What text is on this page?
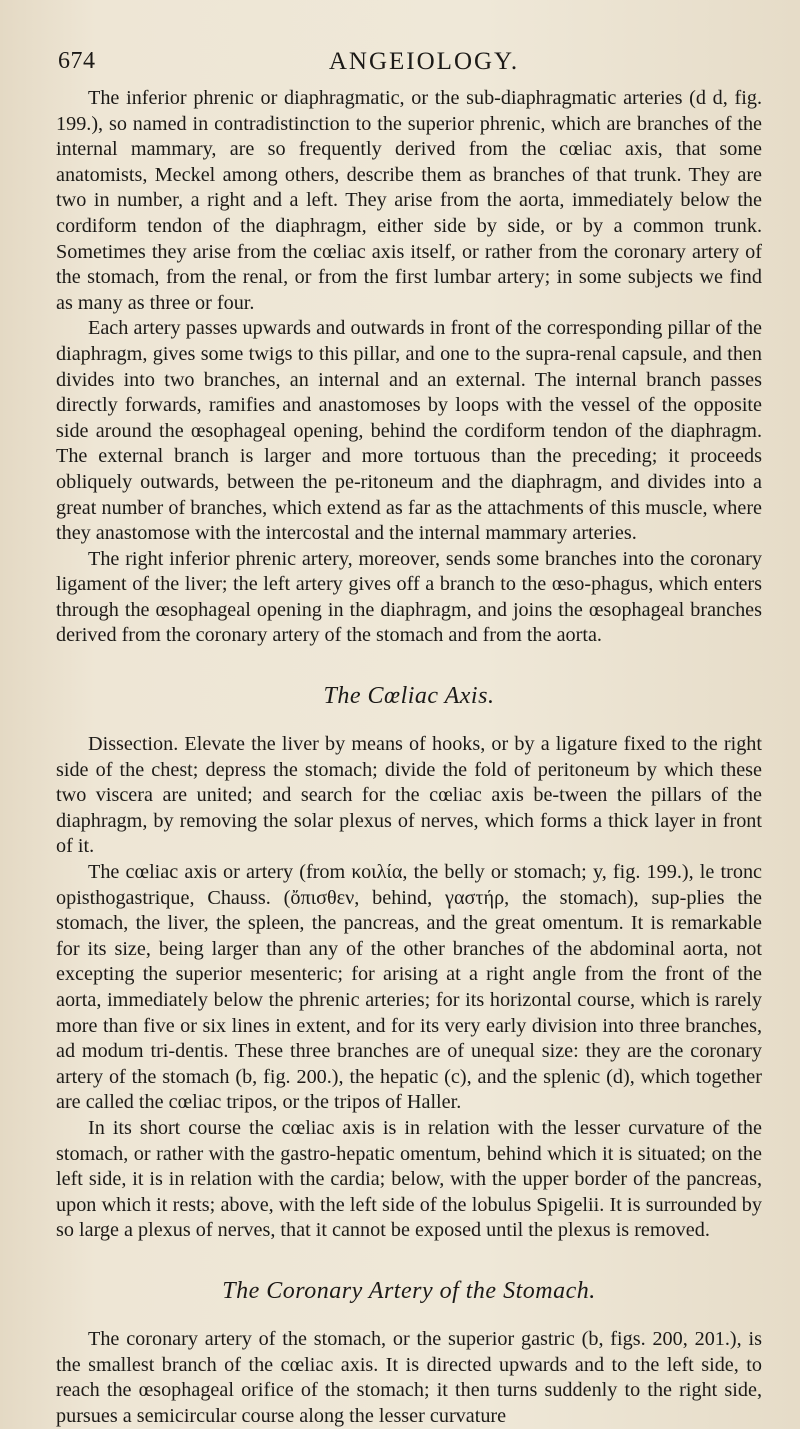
674	ANGEIOLOGY.

The inferior phrenic or diaphragmatic, or the sub-diaphragmatic arteries (d d, fig. 199.), so named in contradistinction to the superior phrenic, which are branches of the internal mammary, are so frequently derived from the cœliac axis, that some anatomists, Meckel among others, describe them as branches of that trunk. They are two in number, a right and a left. They arise from the aorta, immediately below the cordiform tendon of the diaphragm, either side by side, or by a common trunk. Sometimes they arise from the cœliac axis itself, or rather from the coronary artery of the stomach, from the renal, or from the first lumbar artery; in some subjects we find as many as three or four.

Each artery passes upwards and outwards in front of the corresponding pillar of the diaphragm, gives some twigs to this pillar, and one to the supra-renal capsule, and then divides into two branches, an internal and an external. The internal branch passes directly forwards, ramifies and anastomoses by loops with the vessel of the opposite side around the œsophageal opening, behind the cordiform tendon of the diaphragm. The external branch is larger and more tortuous than the preceding; it proceeds obliquely outwards, between the pe-ritoneum and the diaphragm, and divides into a great number of branches, which extend as far as the attachments of this muscle, where they anastomose with the intercostal and the internal mammary arteries.

The right inferior phrenic artery, moreover, sends some branches into the coronary ligament of the liver; the left artery gives off a branch to the œso-phagus, which enters through the œsophageal opening in the diaphragm, and joins the œsophageal branches derived from the coronary artery of the stomach and from the aorta.

The Cœliac Axis.

Dissection. Elevate the liver by means of hooks, or by a ligature fixed to the right side of the chest; depress the stomach; divide the fold of peritoneum by which these two viscera are united; and search for the cœliac axis be-tween the pillars of the diaphragm, by removing the solar plexus of nerves, which forms a thick layer in front of it.

The cœliac axis or artery (from κοιλία, the belly or stomach; y, fig. 199.), le tronc opisthogastrique, Chauss. (ὄπισθεν, behind, γαστήρ, the stomach), sup-plies the stomach, the liver, the spleen, the pancreas, and the great omentum. It is remarkable for its size, being larger than any of the other branches of the abdominal aorta, not excepting the superior mesenteric; for arising at a right angle from the front of the aorta, immediately below the phrenic arteries; for its horizontal course, which is rarely more than five or six lines in extent, and for its very early division into three branches, ad modum tri-dentis. These three branches are of unequal size: they are the coronary artery of the stomach (b, fig. 200.), the hepatic (c), and the splenic (d), which together are called the cœliac tripos, or the tripos of Haller.

In its short course the cœliac axis is in relation with the lesser curvature of the stomach, or rather with the gastro-hepatic omentum, behind which it is situated; on the left side, it is in relation with the cardia; below, with the upper border of the pancreas, upon which it rests; above, with the left side of the lobulus Spigelii. It is surrounded by so large a plexus of nerves, that it cannot be exposed until the plexus is removed.

The Coronary Artery of the Stomach.

The coronary artery of the stomach, or the superior gastric (b, figs. 200, 201.), is the smallest branch of the cœliac axis. It is directed upwards and to the left side, to reach the œsophageal orifice of the stomach; it then turns suddenly to the right side, pursues a semicircular course along the lesser curvature
